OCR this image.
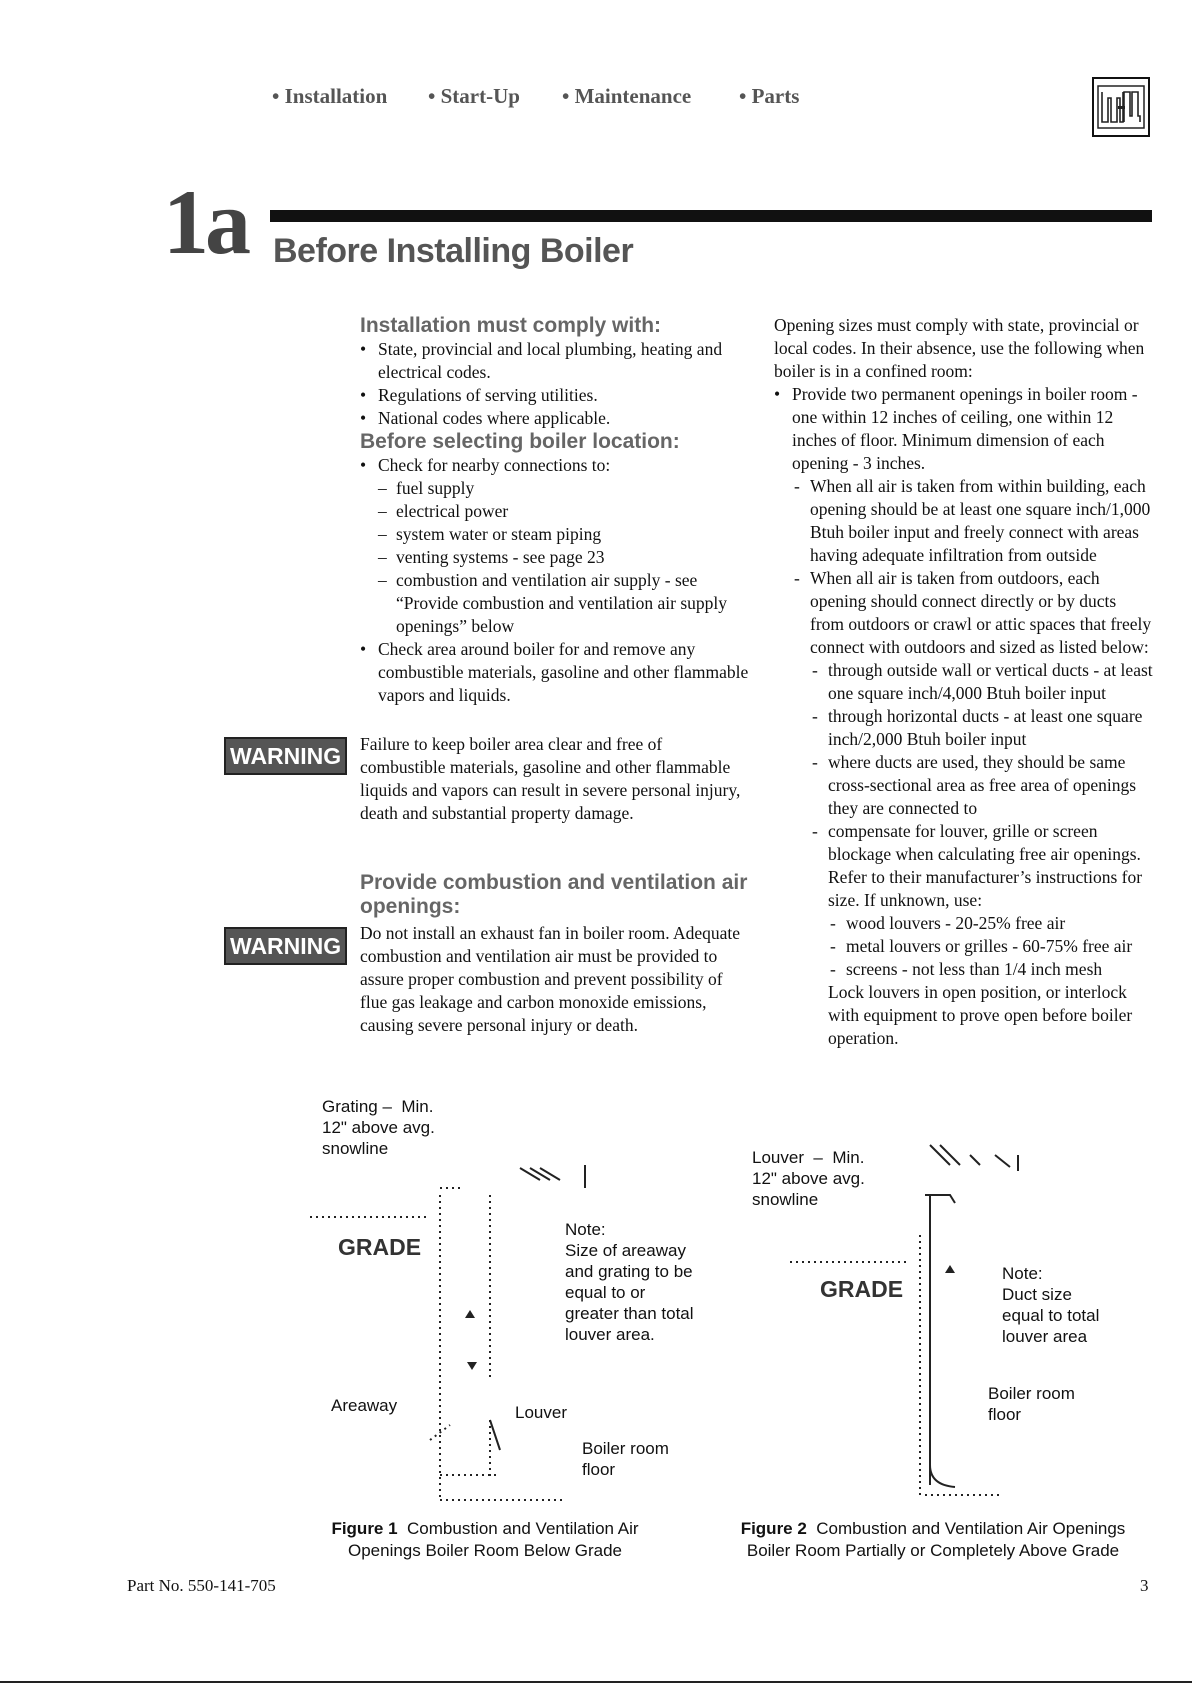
• Installation • Start-Up • Maintenance • Parts
1a Before Installing Boiler

Installation must comply with:

• State, provincial and local plumbing, heating and electrical codes.
• Regulations of serving utilities.
• National codes where applicable.

Before selecting boiler location:

• Check for nearby connections to:
– fuel supply
– electrical power
– system water or steam piping
– venting systems - see page 23
– combustion and ventilation air supply - see “Provide combustion and ventilation air supply openings” below
• Check area around boiler for and remove any combustible materials, gasoline and other flammable vapors and liquids.
WARNING	Failure to keep boiler area clear and free of combustible materials, gasoline and other flammable liquids and vapors can result in severe personal injury, death and substantial property damage.
Provide combustion and ventilation air openings:
WARNING	Do not install an exhaust fan in boiler room. Adequate combustion and ventilation air must be provided to assure proper combustion and prevent possibility of flue gas leakage and carbon monoxide emissions, causing severe personal injury or death.

Opening sizes must comply with state, provincial or local codes. In their absence, use the following when boiler is in a confined room:

• Provide two permanent openings in boiler room - one within 12 inches of ceiling, one within 12 inches of floor. Minimum dimension of each opening - 3 inches.
- When all air is taken from within building, each opening should be at least one square inch/1,000 Btuh boiler input and freely connect with areas having adequate infiltration from outside
- When all air is taken from outdoors, each opening should connect directly or by ducts from outdoors or crawl or attic spaces that freely connect with outdoors and sized as listed below:
- through outside wall or vertical ducts - at least one square inch/4,000 Btuh boiler input
- through horizontal ducts - at least one square inch/2,000 Btuh boiler input
- where ducts are used, they should be same cross-sectional area as free area of openings they are connected to
- compensate for louver, grille or screen blockage when calculating free air openings. Refer to their manufacturer’s instructions for size. If unknown, use:
- wood louvers - 20-25% free air
- metal louvers or grilles - 60-75% free air
- screens - not less than 1/4 inch mesh

Lock louvers in open position, or interlock with equipment to prove open before boiler operation.

Grating –  Min.
12" above avg.
snowline
GRADE
Note:
Size of areaway
and grating to be
equal to or
greater than total
louver area.
Areaway	Louver
Boiler room
floor
Figure 1 Combustion and Ventilation Air Openings Boiler Room Below Grade
Louver  –  Min.
12" above avg.
snowline
GRADE
Note:
Duct size
equal to total
louver area
Boiler room
floor
Figure 2 Combustion and Ventilation Air Openings Boiler Room Partially or Completely Above Grade
Part No. 550-141-705	3
